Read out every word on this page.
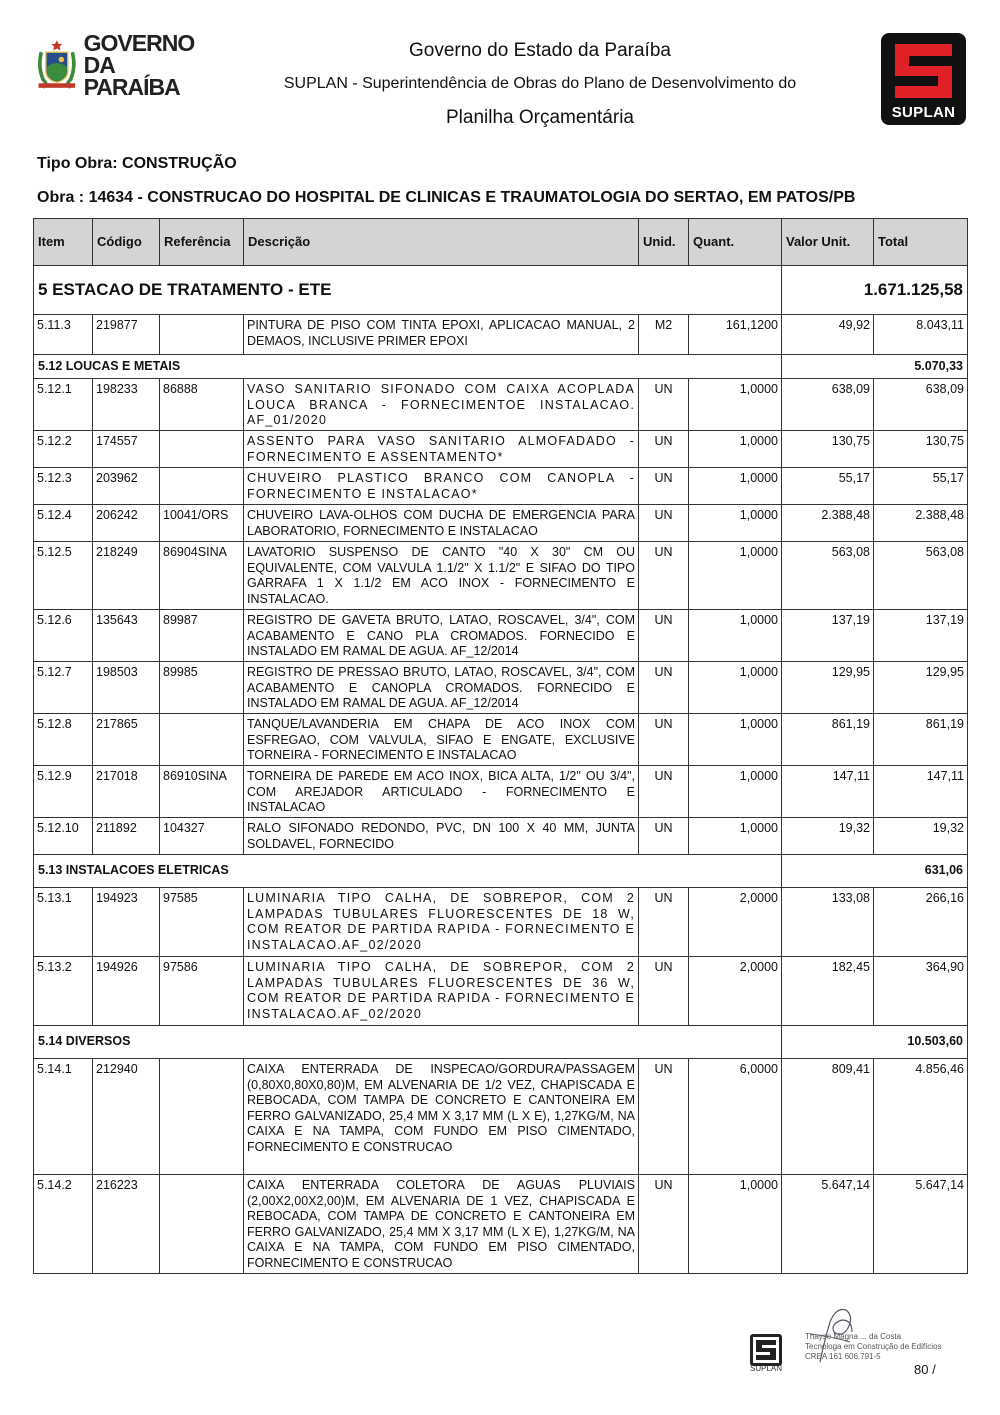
GOVERNO
DA PARAÍBA
Governo do Estado da Paraíba
SUPLAN - Superintendência de Obras do Plano de Desenvolvimento do
Planilha Orçamentária	SUPLAN
Tipo Obra: CONSTRUÇÃO
Obra : 14634 - CONSTRUCAO DO HOSPITAL DE CLINICAS E TRAUMATOLOGIA DO SERTAO, EM PATOS/PB
Item	Código	Referência	Descrição	Unid.	Quant.	Valor Unit.	Total
5 ESTACAO DE TRATAMENTO - ETE						1.671.125,58	
5.11.3	219877		PINTURA DE PISO COM TINTA EPOXI, APLICACAO MANUAL, 2 DEMAOS, INCLUSIVE PRIMER EPOXI	M2	161,1200	49,92	8.043,11
5.12 LOUCAS E METAIS						5.070,33	
5.12.1	198233	86888	VASO SANITARIO SIFONADO COM CAIXA ACOPLADA LOUCA BRANCA - FORNECIMENTOE INSTALACAO. AF_01/2020	UN	1,0000	638,09	638,09
5.12.2	174557		ASSENTO PARA VASO SANITARIO ALMOFADADO - FORNECIMENTO E ASSENTAMENTO*	UN	1,0000	130,75	130,75
5.12.3	203962		CHUVEIRO PLASTICO BRANCO COM CANOPLA - FORNECIMENTO E INSTALACAO*	UN	1,0000	55,17	55,17
5.12.4	206242	10041/ORS	CHUVEIRO LAVA-OLHOS COM DUCHA DE EMERGENCIA PARA LABORATORIO, FORNECIMENTO E INSTALACAO	UN	1,0000	2.388,48	2.388,48
5.12.5	218249	86904SINA	LAVATORIO SUSPENSO DE CANTO "40 X 30" CM OU EQUIVALENTE, COM VALVULA 1.1/2" X 1.1/2" E SIFAO DO TIPO GARRAFA 1 X 1.1/2 EM ACO INOX - FORNECIMENTO E INSTALACAO.	UN	1,0000	563,08	563,08
5.12.6	135643	89987	REGISTRO DE GAVETA BRUTO, LATAO, ROSCAVEL, 3/4", COM ACABAMENTO E CANO PLA CROMADOS. FORNECIDO E INSTALADO EM RAMAL DE AGUA. AF_12/2014	UN	1,0000	137,19	137,19
5.12.7	198503	89985	REGISTRO DE PRESSAO BRUTO, LATAO, ROSCAVEL, 3/4", COM ACABAMENTO E CANOPLA CROMADOS. FORNECIDO E INSTALADO EM RAMAL DE AGUA. AF_12/2014	UN	1,0000	129,95	129,95
5.12.8	217865		TANQUE/LAVANDERIA EM CHAPA DE ACO INOX COM ESFREGAO, COM VALVULA, SIFAO E ENGATE, EXCLUSIVE TORNEIRA - FORNECIMENTO E INSTALACAO	UN	1,0000	861,19	861,19
5.12.9	217018	86910SINA	TORNEIRA DE PAREDE EM ACO INOX, BICA ALTA, 1/2" OU 3/4", COM AREJADOR ARTICULADO - FORNECIMENTO E INSTALACAO	UN	1,0000	147,11	147,11
5.12.10	211892	104327	RALO SIFONADO REDONDO, PVC, DN 100 X 40 MM, JUNTA SOLDAVEL, FORNECIDO	UN	1,0000	19,32	19,32
5.13 INSTALACOES ELETRICAS						631,06	
5.13.1	194923	97585	LUMINARIA TIPO CALHA, DE SOBREPOR, COM 2 LAMPADAS TUBULARES FLUORESCENTES DE 18 W, COM REATOR DE PARTIDA RAPIDA - FORNECIMENTO E INSTALACAO.AF_02/2020	UN	2,0000	133,08	266,16
5.13.2	194926	97586	LUMINARIA TIPO CALHA, DE SOBREPOR, COM 2 LAMPADAS TUBULARES FLUORESCENTES DE 36 W, COM REATOR DE PARTIDA RAPIDA - FORNECIMENTO E INSTALACAO.AF_02/2020	UN	2,0000	182,45	364,90
5.14 DIVERSOS						10.503,60	
5.14.1	212940		CAIXA ENTERRADA DE INSPECAO/GORDURA/PASSAGEM (0,80X0,80X0,80)M, EM ALVENARIA DE 1/2 VEZ, CHAPISCADA E REBOCADA, COM TAMPA DE CONCRETO E CANTONEIRA EM FERRO GALVANIZADO, 25,4 MM X 3,17 MM (L X E), 1,27KG/M, NA CAIXA E NA TAMPA, COM FUNDO EM PISO CIMENTADO, FORNECIMENTO E CONSTRUCAO	UN	6,0000	809,41	4.856,46
5.14.2	216223		CAIXA ENTERRADA COLETORA DE AGUAS PLUVIAIS (2,00X2,00X2,00)M, EM ALVENARIA DE 1 VEZ, CHAPISCADA E REBOCADA, COM TAMPA DE CONCRETO E CANTONEIRA EM FERRO GALVANIZADO, 25,4 MM X 3,17 MM (L X E), 1,27KG/M, NA CAIXA E NA TAMPA, COM FUNDO EM PISO CIMENTADO, FORNECIMENTO E CONSTRUCAO	UN	1,0000	5.647,14	5.647,14
SUPLAN
Thayse Magna ... da Costa
Tecnóloga em Construção de Edifícios
CREA 161 606.791-5
80 /
